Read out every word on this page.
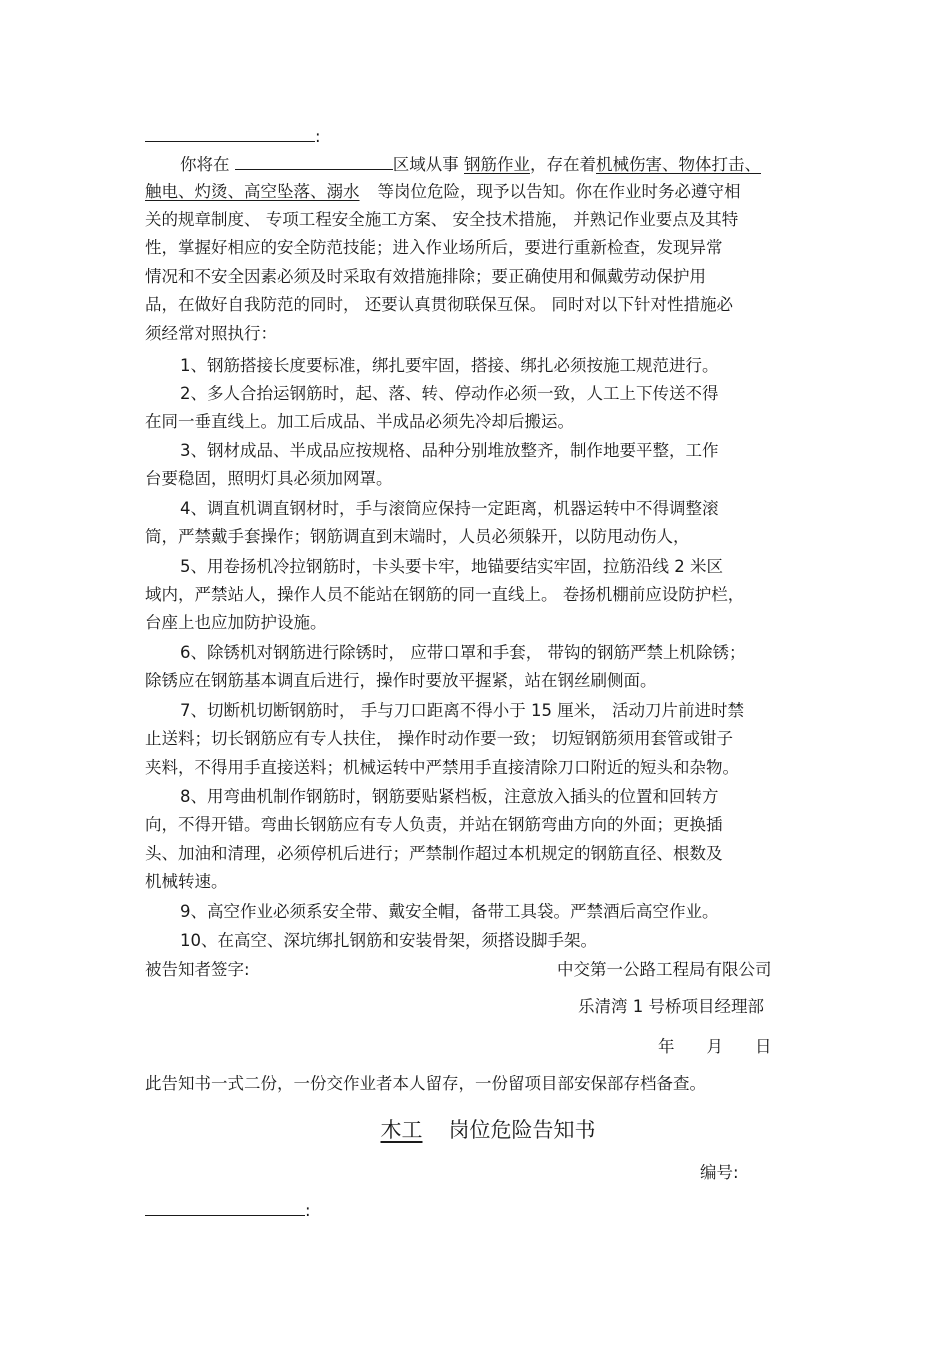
:
你将在	区域从事 钢筋作业，存在着机械伤害、物体打击、
触电、灼烫、高空坠落、溺水 等岗位危险，现予以告知。你在作业时务必遵守相
关的规章制度、 专项工程安全施工方案、 安全技术措施， 并熟记作业要点及其特
性，掌握好相应的安全防范技能；进入作业场所后，要进行重新检查，发现异常
情况和不安全因素必须及时采取有效措施排除；要正确使用和佩戴劳动保护用
品，在做好自我防范的同时， 还要认真贯彻联保互保。 同时对以下针对性措施必
须经常对照执行：
1、钢筋搭接长度要标准，绑扎要牢固，搭接、绑扎必须按施工规范进行。
2、多人合抬运钢筋时，起、落、转、停动作必须一致，人工上下传送不得
在同一垂直线上。加工后成品、半成品必须先冷却后搬运。
3、钢材成品、半成品应按规格、品种分别堆放整齐，制作地要平整，工作
台要稳固，照明灯具必须加网罩。
4、调直机调直钢材时，手与滚筒应保持一定距离，机器运转中不得调整滚
筒，严禁戴手套操作；钢筋调直到末端时，人员必须躲开，以防甩动伤人，
5、用卷扬机冷拉钢筋时，卡头要卡牢，地锚要结实牢固，拉筋沿线 2 米区
域内，严禁站人，操作人员不能站在钢筋的同一直线上。 卷扬机棚前应设防护栏，
台座上也应加防护设施。
6、除锈机对钢筋进行除锈时， 应带口罩和手套， 带钩的钢筋严禁上机除锈；
除锈应在钢筋基本调直后进行，操作时要放平握紧，站在钢丝刷侧面。
7、切断机切断钢筋时， 手与刀口距离不得小于 15 厘米， 活动刀片前进时禁
止送料；切长钢筋应有专人扶住， 操作时动作要一致； 切短钢筋须用套管或钳子
夹料，不得用手直接送料；机械运转中严禁用手直接清除刀口附近的短头和杂物。
8、用弯曲机制作钢筋时，钢筋要贴紧档板，注意放入插头的位置和回转方
向，不得开错。弯曲长钢筋应有专人负责，并站在钢筋弯曲方向的外面；更换插
头、加油和清理，必须停机后进行；严禁制作超过本机规定的钢筋直径、根数及
机械转速。
9、高空作业必须系安全带、戴安全帽，备带工具袋。严禁酒后高空作业。
10、在高空、深坑绑扎钢筋和安装骨架，须搭设脚手架。
被告知者签字:	中交第一公路工程局有限公司
乐清湾 1 号桥项目经理部
年 月 日
此告知书一式二份，一份交作业者本人留存，一份留项目部安保部存档备查。
木工 岗位危险告知书
编号:
:
